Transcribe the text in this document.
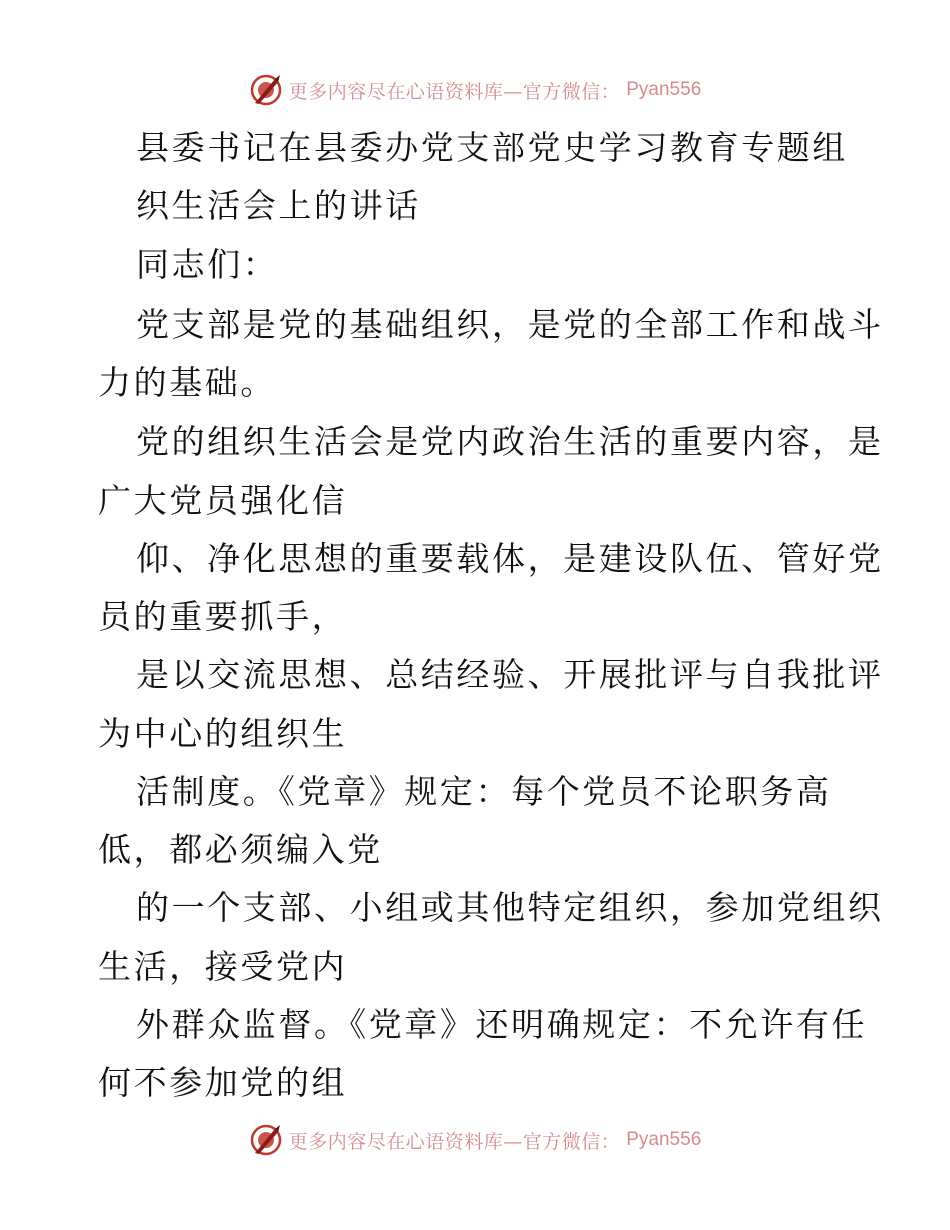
更多内容尽在心语资料库—官方微信： Pyan556
县委书记在县委办党支部党史学习教育专题组
织生活会上的讲话
同志们：
党支部是党的基础组织，是党的全部工作和战斗
力的基础。
党的组织生活会是党内政治生活的重要内容，是
广大党员强化信
仰、净化思想的重要载体，是建设队伍、管好党
员的重要抓手，
是以交流思想、总结经验、开展批评与自我批评
为中心的组织生
活制度。《党章》规定：每个党员不论职务高
低，都必须编入党
的一个支部、小组或其他特定组织，参加党组织
生活，接受党内
外群众监督。《党章》还明确规定：不允许有任
何不参加党的组
更多内容尽在心语资料库—官方微信： Pyan556
